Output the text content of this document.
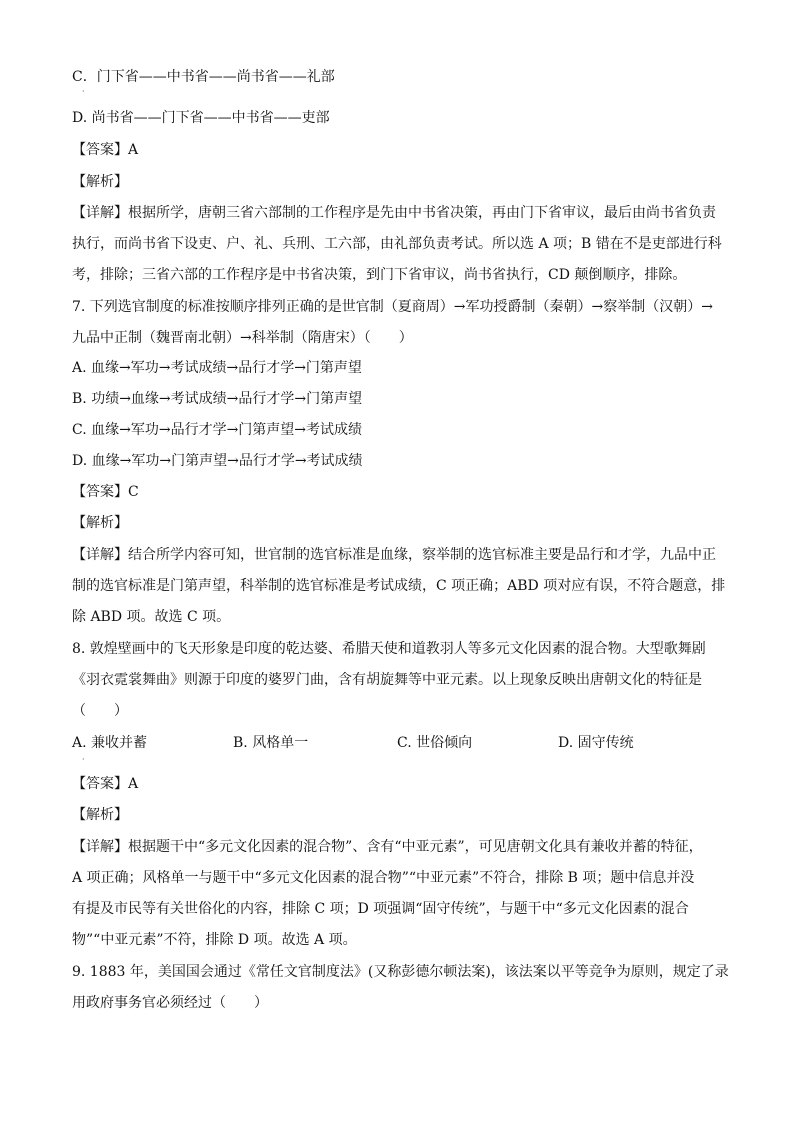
C．门下省——中书省——尚书省——礼部
·
D. 尚书省——门下省——中书省——吏部
【答案】A
【解析】
【详解】根据所学，唐朝三省六部制的工作程序是先由中书省决策，再由门下省审议，最后由尚书省负责
执行，而尚书省下设吏、户、礼、兵刑、工六部，由礼部负责考试。所以选 A 项；B 错在不是吏部进行科
考，排除；三省六部的工作程序是中书省决策，到门下省审议，尚书省执行，CD 颠倒顺序，排除。
7. 下列选官制度的标准按顺序排列正确的是世官制（夏商周）→军功授爵制（秦朝）→察举制（汉朝）→
九品中正制（魏晋南北朝）→科举制（隋唐宋）（　　）
A. 血缘→军功→考试成绩→品行才学→门第声望
B. 功绩→血缘→考试成绩→品行才学→门第声望
C. 血缘→军功→品行才学→门第声望→考试成绩
D. 血缘→军功→门第声望→品行才学→考试成绩
【答案】C
【解析】
【详解】结合所学内容可知，世官制的选官标准是血缘，察举制的选官标准主要是品行和才学，九品中正
制的选官标准是门第声望，科举制的选官标准是考试成绩，C 项正确；ABD 项对应有误，不符合题意，排
除 ABD 项。故选 C 项。
8. 敦煌壁画中的飞天形象是印度的乾达婆、希腊天使和道教羽人等多元文化因素的混合物。大型歌舞剧
《羽衣霓裳舞曲》则源于印度的婆罗门曲，含有胡旋舞等中亚元素。以上现象反映出唐朝文化的特征是
（　　）
A. 兼收并蓄	B. 风格单一	C. 世俗倾向	D. 固守传统
·
【答案】A
【解析】
【详解】根据题干中“多元文化因素的混合物”、含有“中亚元素”，可见唐朝文化具有兼收并蓄的特征，
A 项正确；风格单一与题干中“多元文化因素的混合物”“中亚元素”不符合，排除 B 项；题中信息并没
有提及市民等有关世俗化的内容，排除 C 项；D 项强调“固守传统”，与题干中“多元文化因素的混合
物”“中亚元素”不符，排除 D 项。故选 A 项。
9. 1883 年，美国国会通过《常任文官制度法》(又称彭德尔顿法案)，该法案以平等竞争为原则，规定了录
用政府事务官必须经过（　　）
